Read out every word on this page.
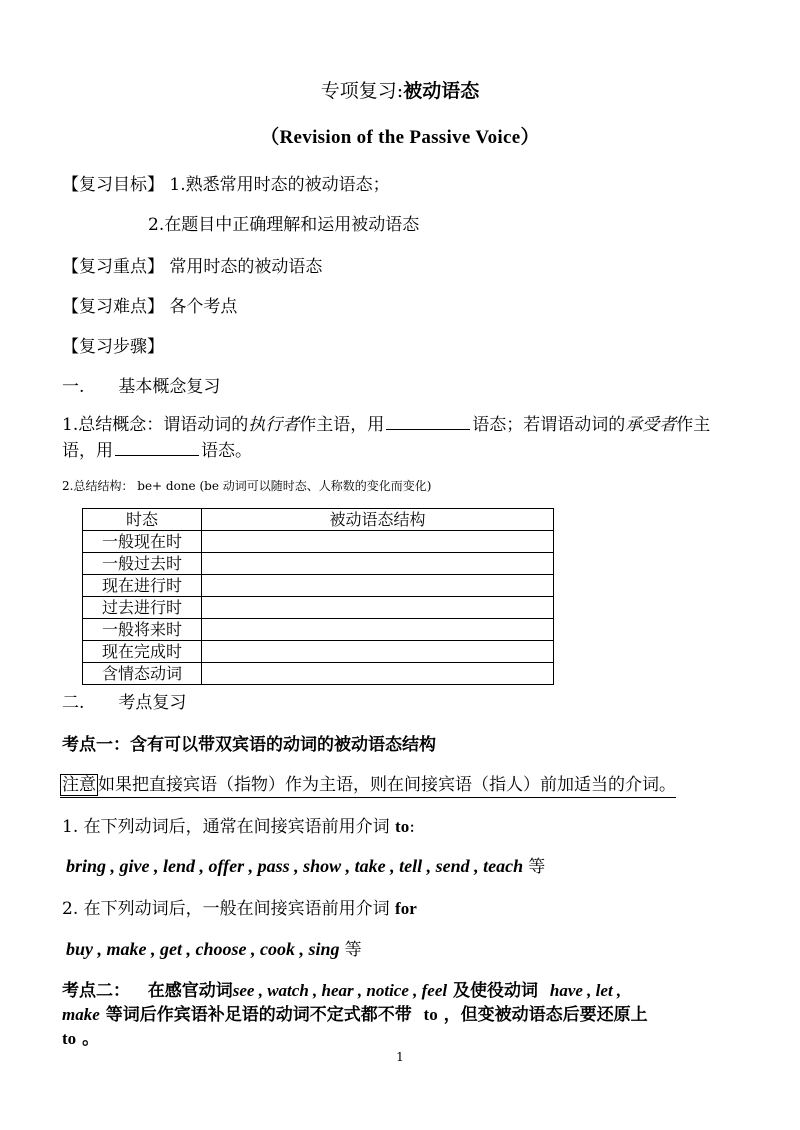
专项复习:被动语态
（Revision of the Passive Voice）
【复习目标】 1.熟悉常用时态的被动语态；
2.在题目中正确理解和运用被动语态
【复习重点】 常用时态的被动语态
【复习难点】 各个考点
【复习步骤】
一. 基本概念复习
1.总结概念：谓语动词的执行者作主语，用	语态；若谓语动词的承受者作主
语，用	语态。
2.总结结构： be+ done (be 动词可以随时态、人称数的变化而变化)
时态	被动语态结构
一般现在时	
一般过去时	
现在进行时	
过去进行时	
一般将来时	
现在完成时	
含情态动词	
二. 考点复习
考点一：含有可以带双宾语的动词的被动语态结构
注意 如果把直接宾语（指物）作为主语，则在间接宾语（指人）前加适当的介词。
1. 在下列动词后，通常在间接宾语前用介词 to:
bring , give , lend , offer , pass , show , take , tell , send , teach 等
2. 在下列动词后，一般在间接宾语前用介词 for
buy , make , get , choose , cook , sing 等
考点二： 在感官动词see , watch , hear , notice , feel 及使役动词 have , let ,
make 等词后作宾语补足语的动词不定式都不带 to ，但变被动语态后要还原上
to 。
1
